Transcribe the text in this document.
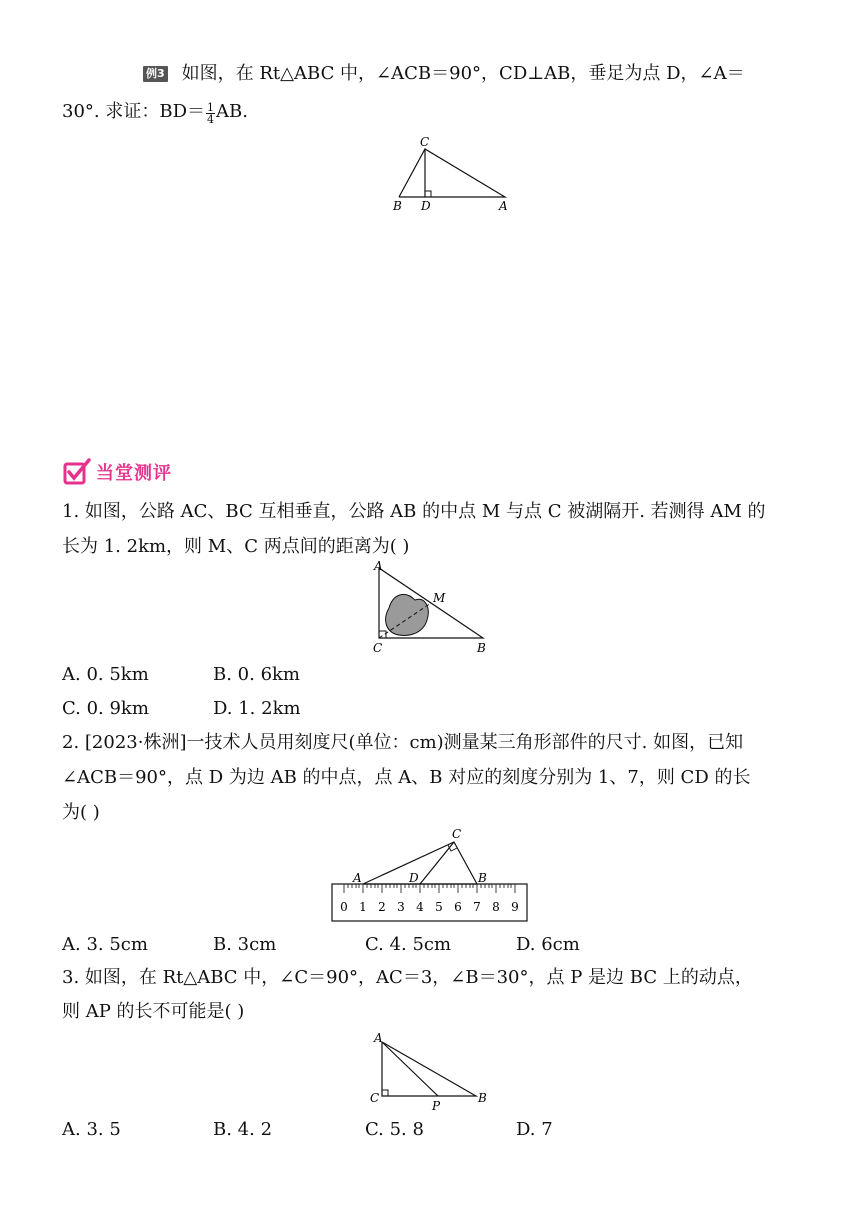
例3 如图，在 Rt△ABC 中，∠ACB＝90°，CD⊥AB，垂足为点 D，∠A＝
30°. 求证：$BD= \frac{1}{4}$ AB.
C
B D	A
当堂测评
1. 如图，公路 AC、BC 互相垂直，公路 AB 的中点 M 与点 C 被湖隔开. 若测得 AM 的
长为 1. 2km，则 M、C 两点间的距离为( )
A
M
C	B
A. 0. 5km	B. 0. 6km
C. 0. 9km	D. 1. 2km
2. [2023·株洲]一技术人员用刻度尺(单位：cm)测量某三角形部件的尺寸. 如图，已知
∠ACB＝90°，点 D 为边 AB 的中点，点 A、B 对应的刻度分别为 1、7，则 CD 的长
为( )
0 1 2 3 4 5 6 7 8 9
C
A	D	B
A. 3. 5cm	B. 3cm	C. 4. 5cm	D. 6cm
3. 如图，在 Rt△ABC 中，∠C＝90°，AC＝3，∠B＝30°，点 P 是边 BC 上的动点，
则 AP 的长不可能是( )
A
C
P
B
A. 3. 5	B. 4. 2	C. 5. 8	D. 7
